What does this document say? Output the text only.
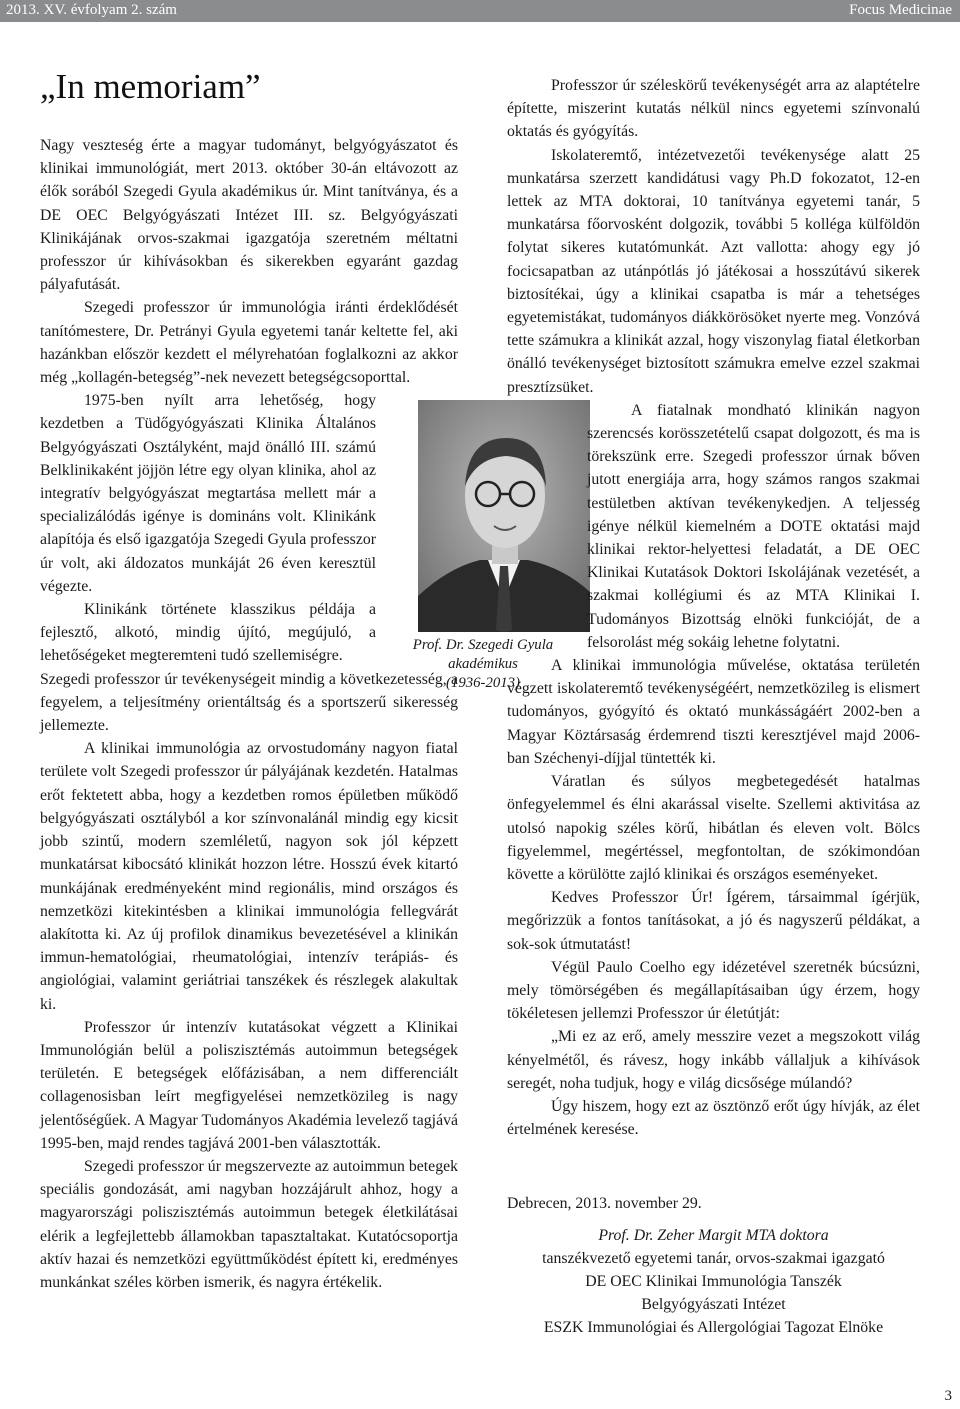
2013. XV. évfolyam 2. szám	Focus Medicinae
„In memoriam”

Nagy veszteség érte a magyar tudományt, belgyógyászatot és klinikai immunológiát, mert 2013. október 30-án eltávozott az élők sorából Szegedi Gyula akadémikus úr. Mint tanítványa, és a DE OEC Belgyógyászati Intézet III. sz. Belgyógyászati Klinikájának orvos-szakmai igazgatója szeretném méltatni professzor úr kihívásokban és sikerekben egyaránt gazdag pályafutását.

Szegedi professzor úr immunológia iránti érdeklődését tanítómestere, Dr. Petrányi Gyula egyetemi tanár keltette fel, aki hazánkban először kezdett el mélyrehatóan foglalkozni az akkor még „kollagén-betegség”-nek nevezett betegségcsoporttal.

1975-ben nyílt arra lehetőség, hogy kezdetben a Tüdőgyógyászati Klinika Általános Belgyógyászati Osztályként, majd önálló III. számú Belklinikaként jöjjön létre egy olyan klinika, ahol az integratív belgyógyászat megtartása mellett már a specializálódás igénye is domináns volt. Klinikánk alapítója és első igazgatója Szegedi Gyula professzor úr volt, aki áldozatos munkáját 26 éven keresztül végezte.

Klinikánk története klasszikus példája a fejlesztő, alkotó, mindig újító, megújuló, a lehetőségeket megteremteni tudó szellemiségre.

Szegedi professzor úr tevékenységeit mindig a következetesség, a fegyelem, a teljesítmény orientáltság és a sportszerű sikeresség jellemezte.

A klinikai immunológia az orvostudomány nagyon fiatal területe volt Szegedi professzor úr pályájának kezdetén. Hatalmas erőt fektetett abba, hogy a kezdetben romos épületben működő belgyógyászati osztályból a kor színvonalánál mindig egy kicsit jobb szintű, modern szemléletű, nagyon sok jól képzett munkatársat kibocsátó klinikát hozzon létre. Hosszú évek kitartó munkájának eredményeként mind regionális, mind országos és nemzetközi kitekintésben a klinikai immunológia fellegvárát alakította ki. Az új profilok dinamikus bevezetésével a klinikán immun-hematológiai, rheumatológiai, intenzív terápiás- és angiológiai, valamint geriátriai tanszékek és részlegek alakultak ki.

Professzor úr intenzív kutatásokat végzett a Klinikai Immunológián belül a poliszisztémás autoimmun betegségek területén. E betegségek előfázisában, a nem differenciált collagenosisban leírt megfigyelései nemzetközileg is nagy jelentőségűek. A Magyar Tudományos Akadémia levelező tagjává 1995-ben, majd rendes tagjává 2001-ben választották.

Szegedi professzor úr megszervezte az autoimmun betegek speciális gondozását, ami nagyban hozzájárult ahhoz, hogy a magyarországi poliszisztémás autoimmun betegek életkilátásai elérik a legfejlettebb államokban tapasztaltakat. Kutatócsoportja aktív hazai és nemzetközi együttműködést épített ki, eredményes munkánkat széles körben ismerik, és nagyra értékelik.

Prof. Dr. Szegedi Gyula
akadémikus
(1936-2013)

Professzor úr széleskörű tevékenységét arra az alaptételre építette, miszerint kutatás nélkül nincs egyetemi színvonalú oktatás és gyógyítás.

Iskolateremtő, intézetvezetői tevékenysége alatt 25 munkatársa szerzett kandidátusi vagy Ph.D fokozatot, 12-en lettek az MTA doktorai, 10 tanítványa egyetemi tanár, 5 munkatársa főorvosként dolgozik, további 5 kolléga külföldön folytat sikeres kutatómunkát. Azt vallotta: ahogy egy jó focicsapatban az utánpótlás jó játékosai a hosszútávú sikerek biztosítékai, úgy a klinikai csapatba is már a tehetséges egyetemistákat, tudományos diákkörösöket nyerte meg. Vonzóvá tette számukra a klinikát azzal, hogy viszonylag fiatal életkorban önálló tevékenységet biztosított számukra emelve ezzel szakmai presztízsüket.

A fiatalnak mondható klinikán nagyon szerencsés korösszetételű csapat dolgozott, és ma is törekszünk erre. Szegedi professzor úrnak bőven jutott energiája arra, hogy számos rangos szakmai testületben aktívan tevékenykedjen. A teljesség igénye nélkül kiemelném a DOTE oktatási majd klinikai rektor-helyettesi feladatát, a DE OEC Klinikai Kutatások Doktori Iskolájának vezetését, a szakmai kollégiumi és az MTA Klinikai I. Tudományos Bizottság elnöki funkcióját, de a felsorolást még sokáig lehetne folytatni.

A klinikai immunológia művelése, oktatása területén végzett iskolateremtő tevékenységéért, nemzetközileg is elismert tudományos, gyógyító és oktató munkásságáért 2002-ben a Magyar Köztársaság érdemrend tiszti keresztjével majd 2006-ban Széchenyi-díjjal tüntették ki.

Váratlan és súlyos megbetegedését hatalmas önfegyelemmel és élni akarással viselte. Szellemi aktivitása az utolsó napokig széles körű, hibátlan és eleven volt. Bölcs figyelemmel, megértéssel, megfontoltan, de szókimondóan követte a körülötte zajló klinikai és országos eseményeket.

Kedves Professzor Úr! Ígérem, társaimmal ígérjük, megőrizzük a fontos tanításokat, a jó és nagyszerű példákat, a sok-sok útmutatást!

Végül Paulo Coelho egy idézetével szeretnék búcsúzni, mely tömörségében és megállapításaiban úgy érzem, hogy tökéletesen jellemzi Professzor úr életútját:

„Mi ez az erő, amely messzire vezet a megszokott világ kényelmétől, és rávesz, hogy inkább vállaljuk a kihívások seregét, noha tudjuk, hogy e világ dicsősége múlandó?

Úgy hiszem, hogy ezt az ösztönző erőt úgy hívják, az élet értelmének keresése.

Debrecen, 2013. november 29.
Prof. Dr. Zeher Margit MTA doktora
tanszékvezető egyetemi tanár, orvos-szakmai igazgató
DE OEC Klinikai Immunológia Tanszék
Belgyógyászati Intézet
ESZK Immunológiai és Allergológiai Tagozat Elnöke
3
